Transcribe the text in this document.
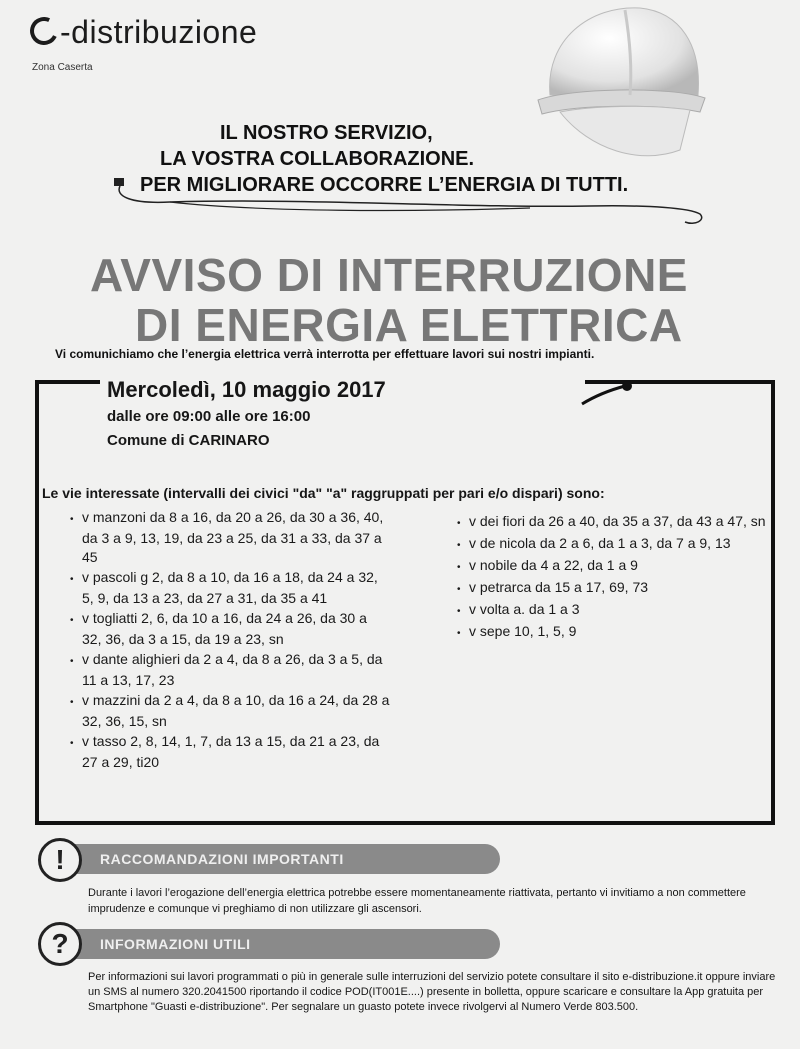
-distribuzione
Zona Caserta
IL NOSTRO SERVIZIO,
LA VOSTRA COLLABORAZIONE.
PER MIGLIORARE OCCORRE L’ENERGIA DI TUTTI.
AVVISO DI INTERRUZIONE
DI ENERGIA ELETTRICA
Vi comunichiamo che l’energia elettrica verrà interrotta per effettuare lavori sui nostri impianti.
Mercoledì, 10 maggio 2017
dalle ore 09:00 alle ore 16:00
Comune di CARINARO
Le vie interessate (intervalli dei civici "da" "a" raggruppati per pari e/o dispari) sono:
• v manzoni da 8 a 16, da 20 a 26, da 30 a 36, 40, da 3 a 9, 13, 19, da 23 a 25, da 31 a 33, da 37 a 45
• v pascoli g 2, da 8 a 10, da 16 a 18, da 24 a 32, 5, 9, da 13 a 23, da 27 a 31, da 35 a 41
• v togliatti 2, 6, da 10 a 16, da 24 a 26, da 30 a 32, 36, da 3 a 15, da 19 a 23, sn
• v dante alighieri da 2 a 4, da 8 a 26, da 3 a 5, da 11 a 13, 17, 23
• v mazzini da 2 a 4, da 8 a 10, da 16 a 24, da 28 a 32, 36, 15, sn
• v tasso 2, 8, 14, 1, 7, da 13 a 15, da 21 a 23, da 27 a 29, ti20
• v dei fiori da 26 a 40, da 35 a 37, da 43 a 47, sn
• v de nicola da 2 a 6, da 1 a 3, da 7 a 9, 13
• v nobile da 4 a 22, da 1 a 9
• v petrarca da 15 a 17, 69, 73
• v volta a. da 1 a 3
• v sepe 10, 1, 5, 9
RACCOMANDAZIONI IMPORTANTI
!
Durante i lavori l’erogazione dell’energia elettrica potrebbe essere momentaneamente riattivata, pertanto vi invitiamo a non commettere imprudenze e comunque vi preghiamo di non utilizzare gli ascensori.
INFORMAZIONI UTILI
?
Per informazioni sui lavori programmati o più in generale sulle interruzioni del servizio potete consultare il sito e-distribuzione.it oppure inviare un SMS al numero 320.2041500 riportando il codice POD(IT001E....) presente in bolletta, oppure scaricare e consultare la App gratuita per Smartphone "Guasti e-distribuzione". Per segnalare un guasto potete invece rivolgervi al Numero Verde 803.500.
